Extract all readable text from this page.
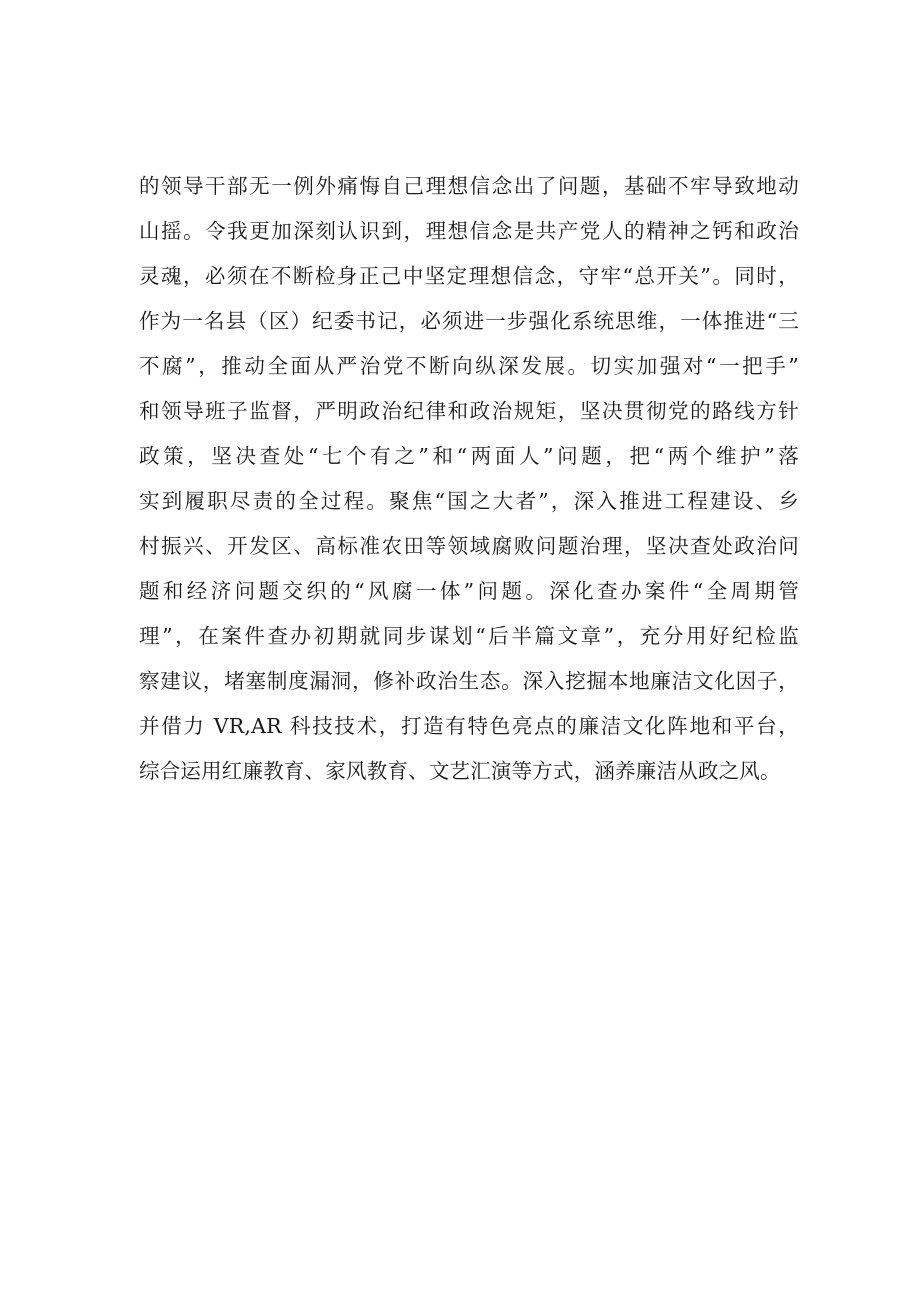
的领导干部无一例外痛悔自己理想信念出了问题，基础不牢导致地动
山摇。令我更加深刻认识到，理想信念是共产党人的精神之钙和政治
灵魂，必须在不断检身正己中坚定理想信念，守牢“总开关”。同时，
作为一名县（区）纪委书记，必须进一步强化系统思维，一体推进“三
不腐”，推动全面从严治党不断向纵深发展。切实加强对“一把手”
和领导班子监督，严明政治纪律和政治规矩，坚决贯彻党的路线方针
政策，坚决查处“七个有之”和“两面人”问题，把“两个维护”落
实到履职尽责的全过程。聚焦“国之大者”，深入推进工程建设、乡
村振兴、开发区、高标准农田等领域腐败问题治理，坚决查处政治问
题和经济问题交织的“风腐一体”问题。深化查办案件“全周期管
理”，在案件查办初期就同步谋划“后半篇文章”，充分用好纪检监
察建议，堵塞制度漏洞，修补政治生态。深入挖掘本地廉洁文化因子，
并借力 VR,AR 科技技术，打造有特色亮点的廉洁文化阵地和平台，
综合运用红廉教育、家风教育、文艺汇演等方式，涵养廉洁从政之风。
